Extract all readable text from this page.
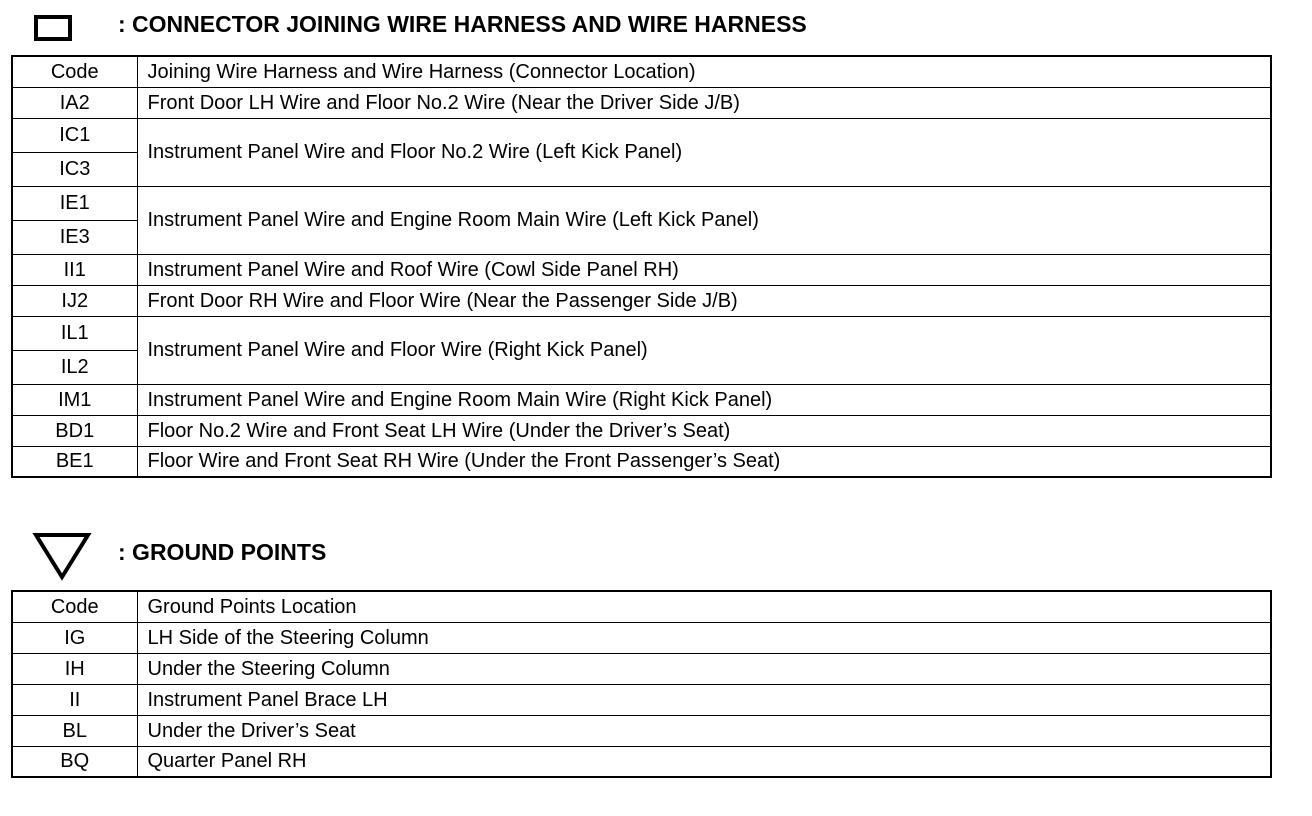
: CONNECTOR JOINING WIRE HARNESS AND WIRE HARNESS
Code	Joining Wire Harness and Wire Harness (Connector Location)
IA2	Front Door LH Wire and Floor No.2 Wire (Near the Driver Side J/B)

IC1
IC3	Instrument Panel Wire and Floor No.2 Wire (Left Kick Panel)

IE1
IE3	Instrument Panel Wire and Engine Room Main Wire (Left Kick Panel)
II1	Instrument Panel Wire and Roof Wire (Cowl Side Panel RH)
IJ2	Front Door RH Wire and Floor Wire (Near the Passenger Side J/B)

IL1
IL2	Instrument Panel Wire and Floor Wire (Right Kick Panel)
IM1	Instrument Panel Wire and Engine Room Main Wire (Right Kick Panel)
BD1	Floor No.2 Wire and Front Seat LH Wire (Under the Driver’s Seat)
BE1	Floor Wire and Front Seat RH Wire (Under the Front Passenger’s Seat)
: GROUND POINTS
Code	Ground Points Location
IG	LH Side of the Steering Column
IH	Under the Steering Column
II	Instrument Panel Brace LH
BL	Under the Driver’s Seat
BQ	Quarter Panel RH
